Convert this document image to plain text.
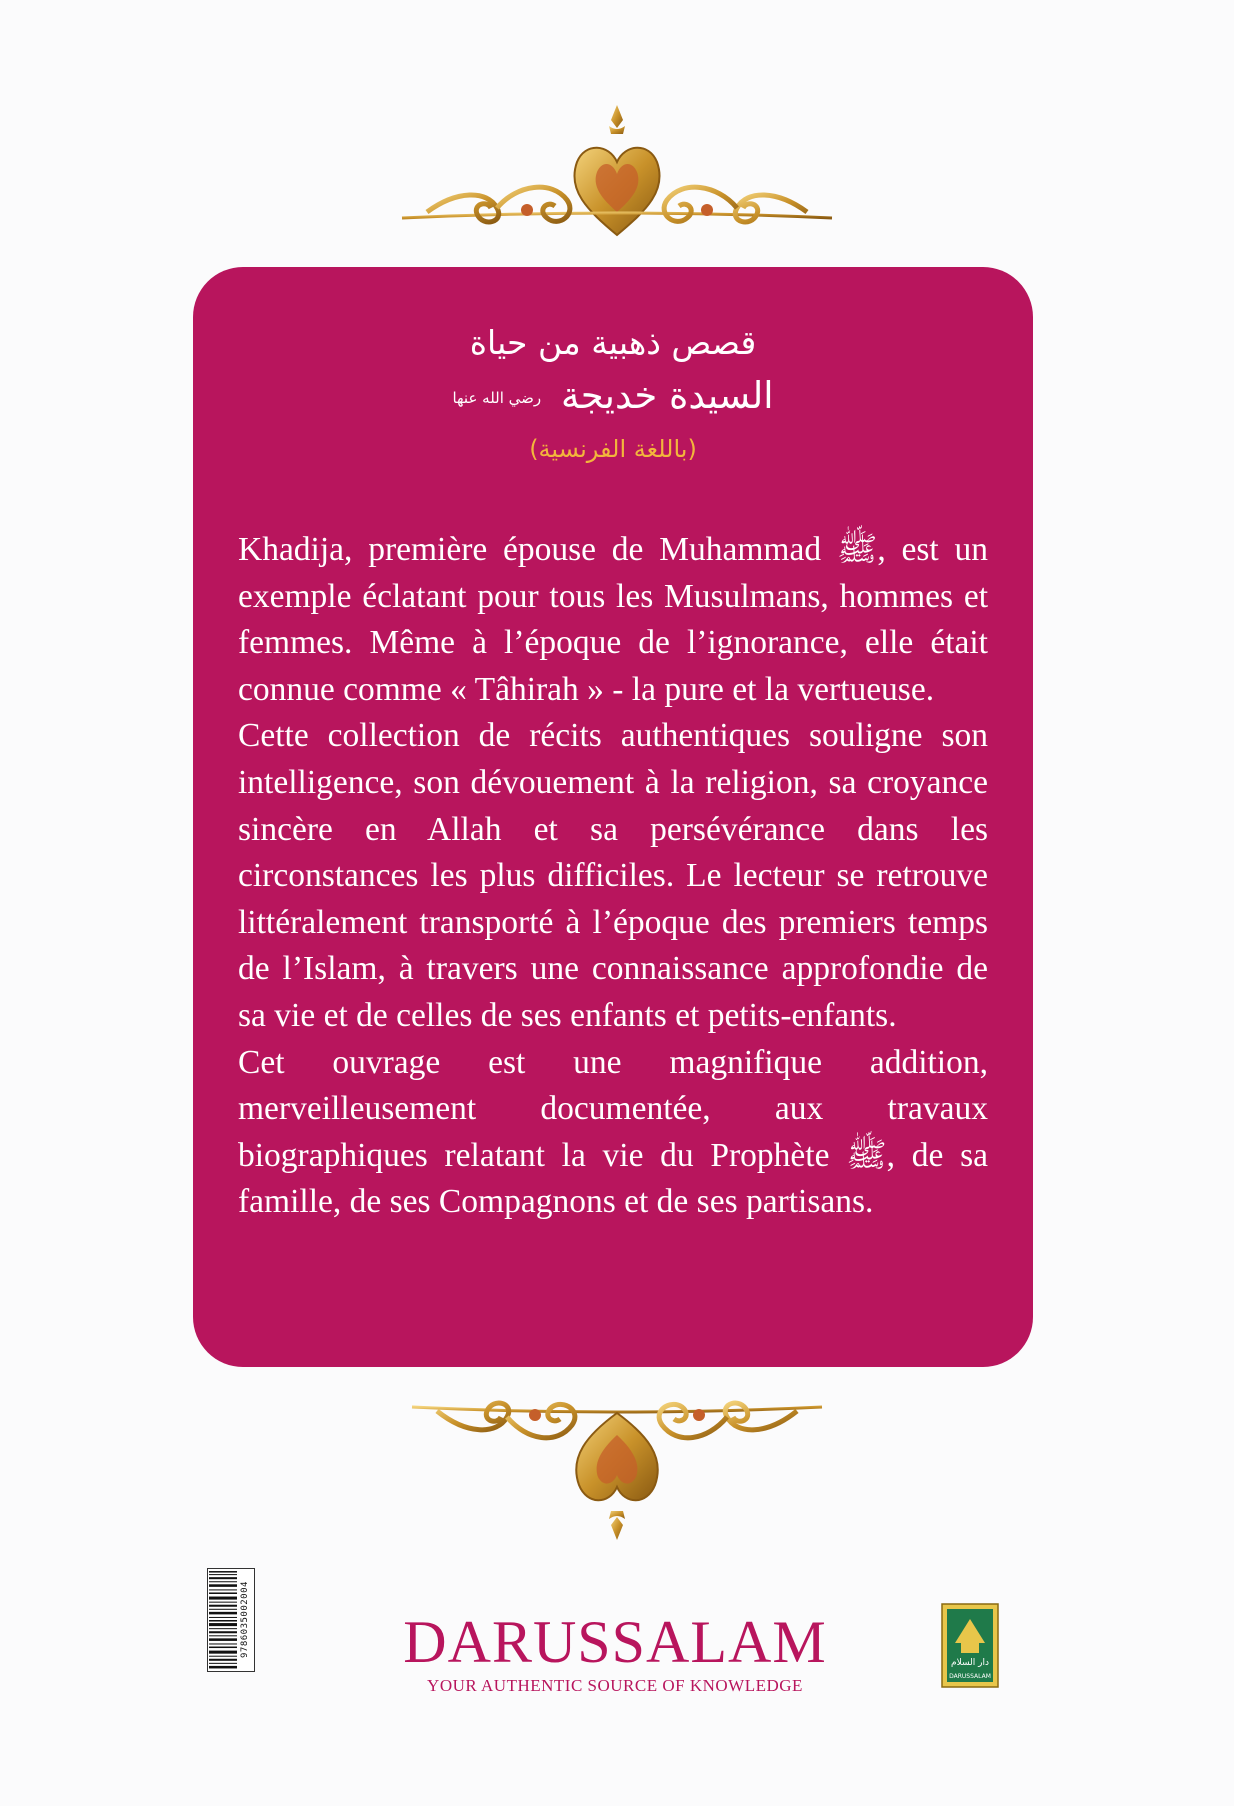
قصص ذهبية من حياة
السيدة خديجة رضي الله عنها
(باللغة الفرنسية)

Khadija, première épouse de Muhammad ﷺ, est un exemple éclatant pour tous les Musulmans, hommes et femmes. Même à l’époque de l’ignorance, elle était connue comme « Tâhirah » - la pure et la vertueuse.

Cette collection de récits authentiques souligne son intelligence, son dévouement à la religion, sa croyance sincère en Allah et sa persévérance dans les circonstances les plus difficiles. Le lecteur se retrouve littéralement transporté à l’époque des premiers temps de l’Islam, à travers une connaissance approfondie de sa vie et de celles de ses enfants et petits-enfants.

Cet ouvrage est une magnifique addition, merveilleusement documentée, aux travaux biographiques relatant la vie du Prophète ﷺ, de sa famille, de ses Compagnons et de ses partisans.

9786035002004	DARUSSALAM
YOUR AUTHENTIC SOURCE OF KNOWLEDGE
دار السلام
DARUSSALAM
